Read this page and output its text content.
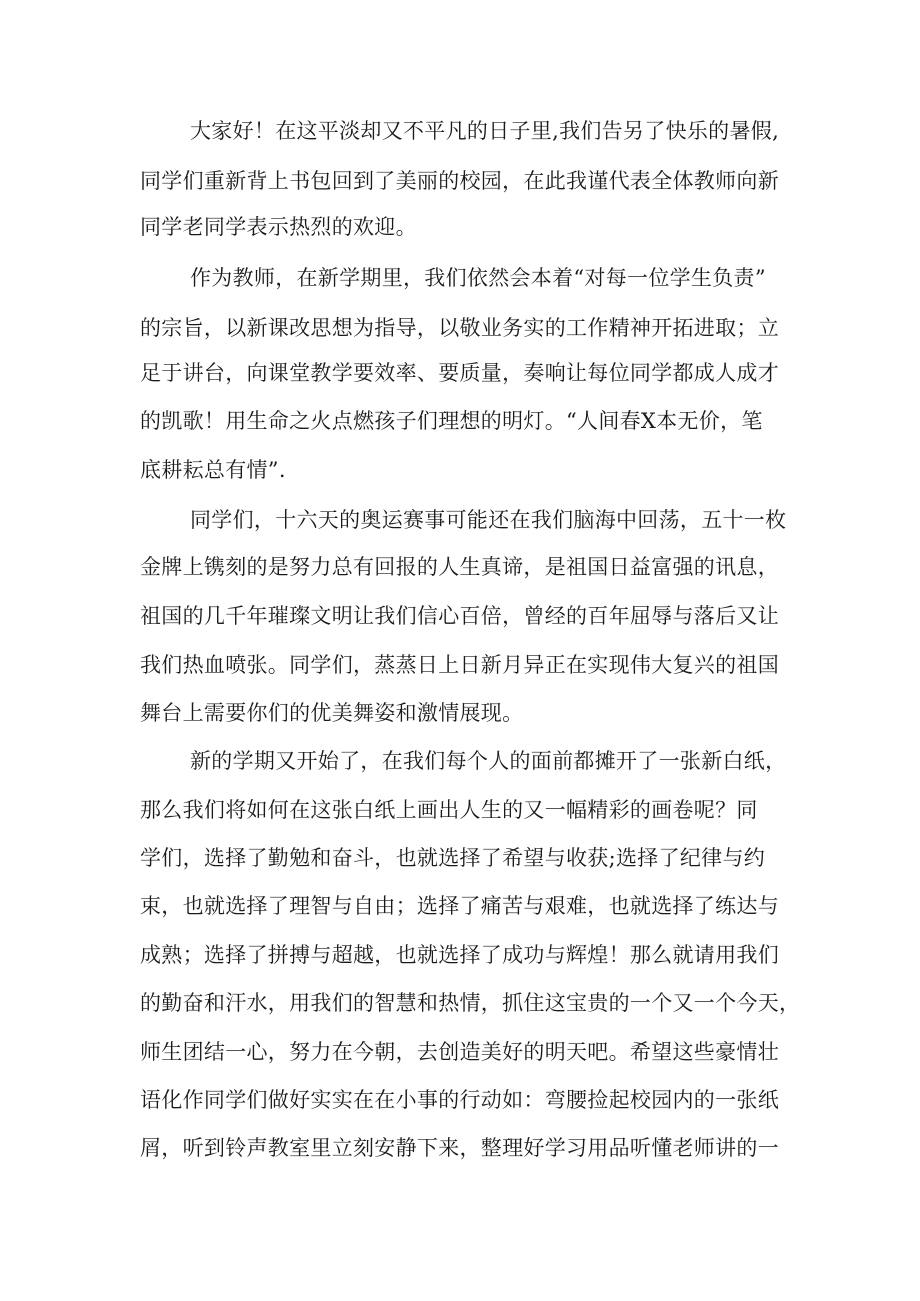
大家好！在这平淡却又不平凡的日子里,我们告另了快乐的暑假,

同学们重新背上书包回到了美丽的校园，在此我谨代表全体教师向新

同学老同学表示热烈的欢迎。

作为教师，在新学期里，我们依然会本着“对每一位学生负责”

的宗旨，以新课改思想为指导，以敬业务实的工作精神开拓进取；立

足于讲台，向课堂教学要效率、要质量，奏响让每位同学都成人成才

的凯歌！用生命之火点燃孩子们理想的明灯。“人间春X本无价，笔

底耕耘总有情”.

同学们，十六天的奥运赛事可能还在我们脑海中回荡，五十一枚

金牌上镌刻的是努力总有回报的人生真谛，是祖国日益富强的讯息，

祖国的几千年璀璨文明让我们信心百倍，曾经的百年屈辱与落后又让

我们热血喷张。同学们，蒸蒸日上日新月异正在实现伟大复兴的祖国

舞台上需要你们的优美舞姿和激情展现。

新的学期又开始了，在我们每个人的面前都摊开了一张新白纸，

那么我们将如何在这张白纸上画出人生的又一幅精彩的画卷呢？同

学们，选择了勤勉和奋斗，也就选择了希望与收获;选择了纪律与约

束，也就选择了理智与自由；选择了痛苦与艰难，也就选择了练达与

成熟；选择了拼搏与超越，也就选择了成功与辉煌！那么就请用我们

的勤奋和汗水，用我们的智慧和热情，抓住这宝贵的一个又一个今天，

师生团结一心，努力在今朝，去创造美好的明天吧。希望这些豪情壮

语化作同学们做好实实在在小事的行动如：弯腰捡起校园内的一张纸

屑，听到铃声教室里立刻安静下来，整理好学习用品听懂老师讲的一
